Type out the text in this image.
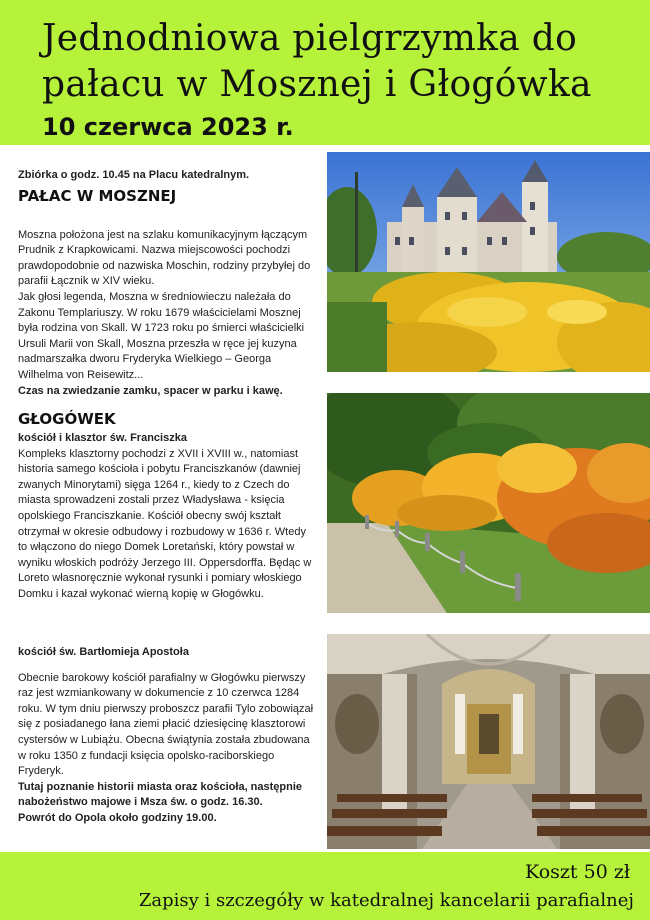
Jednodniowa pielgrzymka do
pałacu w Mosznej i Głogówka
10 czerwca 2023 r.

Zbiórka o godz. 10.45 na Placu katedralnym.

PAŁAC W MOSZNEJ

Moszna położona jest na szlaku komunikacyjnym łączącym Prudnik z Krapkowicami. Nazwa miejscowości pochodzi prawdopodobnie od nazwiska Moschin, rodziny przybyłej do parafii Łącznik w XIV wieku.

Jak głosi legenda, Moszna w średniowieczu należała do Zakonu Templariuszy. W roku 1679 właścicielami Mosznej była rodzina von Skall. W 1723 roku po śmierci właścicielki Ursuli Marii von Skall, Moszna przeszła w ręce jej kuzyna nadmarszałka dworu Fryderyka Wielkiego – Georga Wilhelma von Reisewitz...

Czas na zwiedzanie zamku, spacer w parku i kawę.

GŁOGÓWEK

kościół i klasztor św. Franciszka

Kompleks klasztorny pochodzi z XVII i XVIII w., natomiast historia samego kościoła i pobytu Franciszkanów (dawniej zwanych Minorytami) sięga 1264 r., kiedy to z Czech do miasta sprowadzeni zostali przez Władysława - księcia opolskiego Franciszkanie. Kościół obecny swój kształt otrzymał w okresie odbudowy i rozbudowy w 1636 r. Wtedy to włączono do niego Domek Loretański, który powstał w wyniku włoskich podróży Jerzego III. Oppersdorffa. Będąc w Loreto własnoręcznie wykonał rysunki i pomiary włoskiego Domku i kazał wykonać wierną kopię w Głogówku.

kościół św. Bartłomieja Apostoła

Obecnie barokowy kościół parafialny w Głogówku pierwszy raz jest wzmiankowany w dokumencie z 10 czerwca 1284 roku. W tym dniu pierwszy proboszcz parafii Tylo zobowiązał się z posiadanego łana ziemi płacić dziesięcinę klasztorowi cystersów w Lubiążu. Obecna świątynia została zbudowana w roku 1350 z fundacji księcia opolsko-raciborskiego Fryderyk.

Tutaj poznanie historii miasta oraz kościoła, następnie nabożeństwo majowe i Msza św. o godz. 16.30.

Powrót do Opola około godziny 19.00.

Koszt 50 zł
Zapisy i szczegóły w katedralnej kancelarii parafialnej
